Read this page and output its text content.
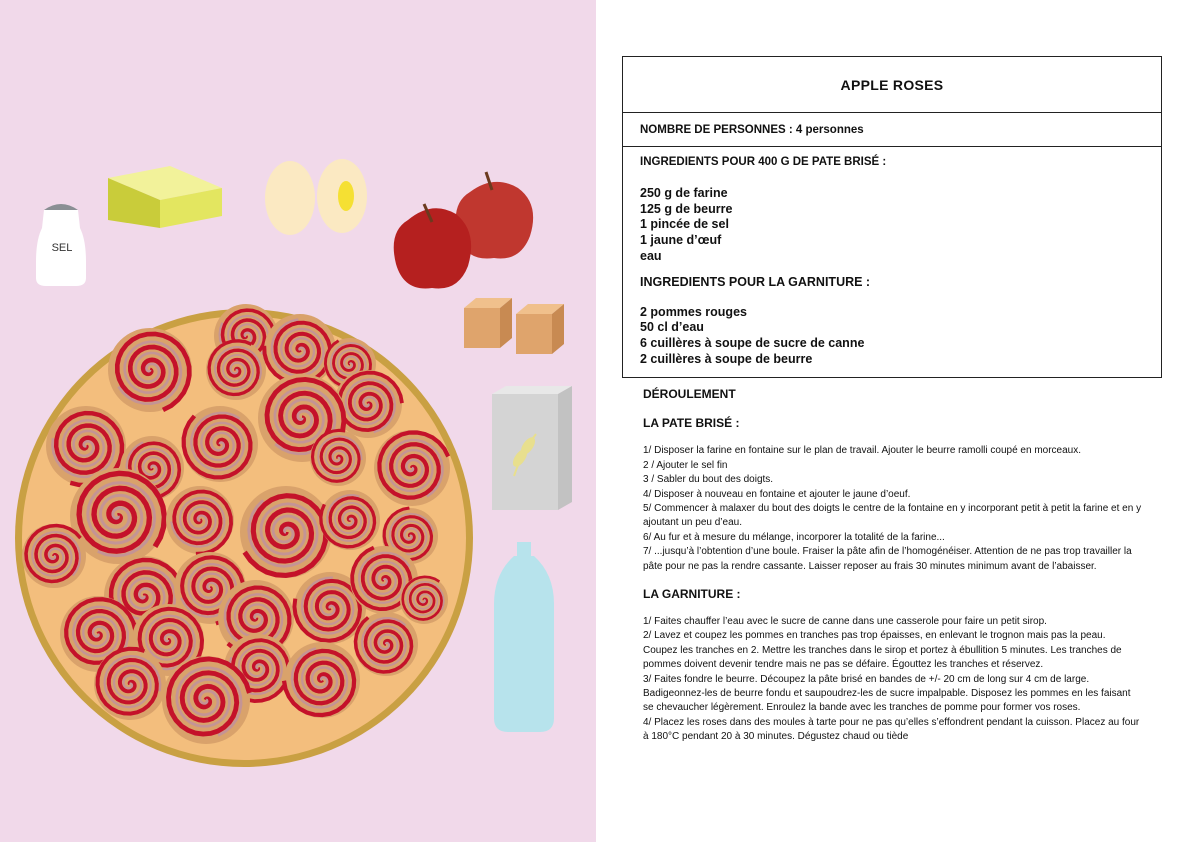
SEL
APPLE ROSES
NOMBRE DE PERSONNES : 4 personnes
INGREDIENTS POUR 400 G DE PATE BRISÉ :
250 g de farine
125 g de beurre
1 pincée de sel
1 jaune d’œuf
eau
INGREDIENTS POUR LA GARNITURE :
2 pommes rouges
50 cl d’eau
6 cuillères à soupe de sucre de canne
2 cuillères à soupe de beurre
DÉROULEMENT
LA PATE BRISÉ :
1/ Disposer la farine en fontaine sur le plan de travail. Ajouter le beurre ramolli coupé en morceaux.
2 / Ajouter le sel fin
3 / Sabler du bout des doigts.
4/ Disposer à nouveau en fontaine et ajouter le jaune d’oeuf.
5/ Commencer à malaxer du bout des doigts le centre de la fontaine en y incorporant petit à petit la farine et en y ajoutant un peu d’eau.
6/ Au fur et à mesure du mélange, incorporer la totalité de la farine...
7/ ...jusqu’à l’obtention d’une boule. Fraiser la pâte afin de l’homogénéiser. Attention de ne pas trop travailler la pâte pour ne pas la rendre cassante. Laisser reposer au frais 30 minutes minimum avant de l’abaisser.
LA GARNITURE :
1/ Faites chauffer l’eau avec le sucre de canne dans une casserole pour faire un petit sirop.
2/ Lavez et coupez les pommes en tranches pas trop épaisses, en enlevant le trognon mais pas la peau. Coupez les tranches en 2. Mettre les tranches dans le sirop et portez à ébullition 5 minutes. Les tranches de pommes doivent devenir tendre mais ne pas se défaire. Égouttez les tranches et réservez.
3/ Faites fondre le beurre. Découpez la pâte brisé en bandes de +/- 20 cm de long sur 4 cm de large. Badigeonnez-les de beurre fondu et saupoudrez-les de sucre impalpable. Disposez les pommes en les faisant se chevaucher légèrement. Enroulez la bande avec les tranches de pomme pour former vos roses.
4/ Placez les roses dans des moules à tarte pour ne pas qu’elles s’effondrent pendant la cuisson. Placez au four à 180°C pendant 20 à 30 minutes. Dégustez chaud ou tiède
